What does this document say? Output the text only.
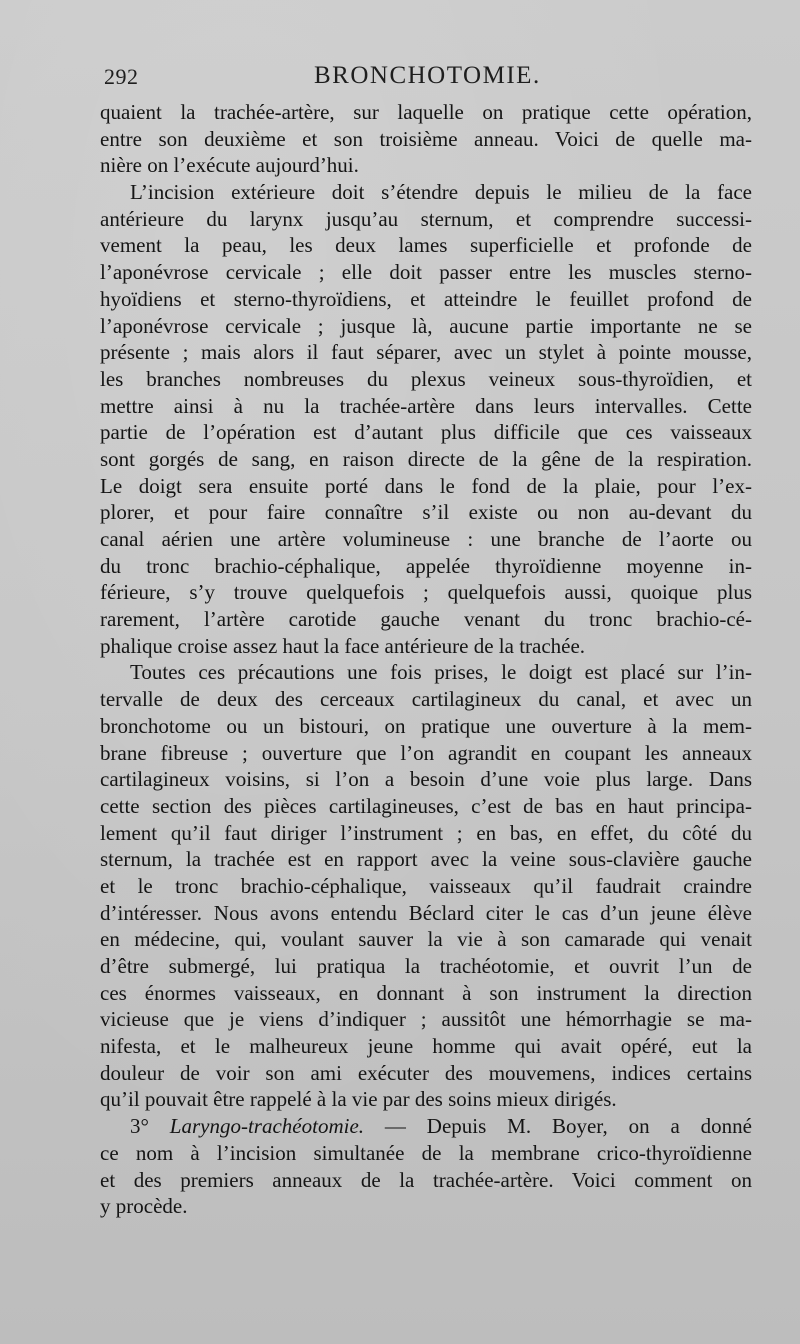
292	BRONCHOTOMIE.
quaient la trachée-artère, sur laquelle on pratique cette opération,
entre son deuxième et son troisième anneau. Voici de quelle ma-
nière on l’exécute aujourd’hui.
L’incision extérieure doit s’étendre depuis le milieu de la face
antérieure du larynx jusqu’au sternum, et comprendre successi-
vement la peau, les deux lames superficielle et profonde de
l’aponévrose cervicale ; elle doit passer entre les muscles sterno-
hyoïdiens et sterno-thyroïdiens, et atteindre le feuillet profond de
l’aponévrose cervicale ; jusque là, aucune partie importante ne se
présente ; mais alors il faut séparer, avec un stylet à pointe mousse,
les branches nombreuses du plexus veineux sous-thyroïdien, et
mettre ainsi à nu la trachée-artère dans leurs intervalles. Cette
partie de l’opération est d’autant plus difficile que ces vaisseaux
sont gorgés de sang, en raison directe de la gêne de la respiration.
Le doigt sera ensuite porté dans le fond de la plaie, pour l’ex-
plorer, et pour faire connaître s’il existe ou non au-devant du
canal aérien une artère volumineuse : une branche de l’aorte ou
du tronc brachio-céphalique, appelée thyroïdienne moyenne in-
férieure, s’y trouve quelquefois ; quelquefois aussi, quoique plus
rarement, l’artère carotide gauche venant du tronc brachio-cé-
phalique croise assez haut la face antérieure de la trachée.
Toutes ces précautions une fois prises, le doigt est placé sur l’in-
tervalle de deux des cerceaux cartilagineux du canal, et avec un
bronchotome ou un bistouri, on pratique une ouverture à la mem-
brane fibreuse ; ouverture que l’on agrandit en coupant les anneaux
cartilagineux voisins, si l’on a besoin d’une voie plus large. Dans
cette section des pièces cartilagineuses, c’est de bas en haut principa-
lement qu’il faut diriger l’instrument ; en bas, en effet, du côté du
sternum, la trachée est en rapport avec la veine sous-clavière gauche
et le tronc brachio-céphalique, vaisseaux qu’il faudrait craindre
d’intéresser. Nous avons entendu Béclard citer le cas d’un jeune élève
en médecine, qui, voulant sauver la vie à son camarade qui venait
d’être submergé, lui pratiqua la trachéotomie, et ouvrit l’un de
ces énormes vaisseaux, en donnant à son instrument la direction
vicieuse que je viens d’indiquer ; aussitôt une hémorrhagie se ma-
nifesta, et le malheureux jeune homme qui avait opéré, eut la
douleur de voir son ami exécuter des mouvemens, indices certains
qu’il pouvait être rappelé à la vie par des soins mieux dirigés.
3° Laryngo-trachéotomie. — Depuis M. Boyer, on a donné
ce nom à l’incision simultanée de la membrane crico-thyroïdienne
et des premiers anneaux de la trachée-artère. Voici comment on
y procède.
